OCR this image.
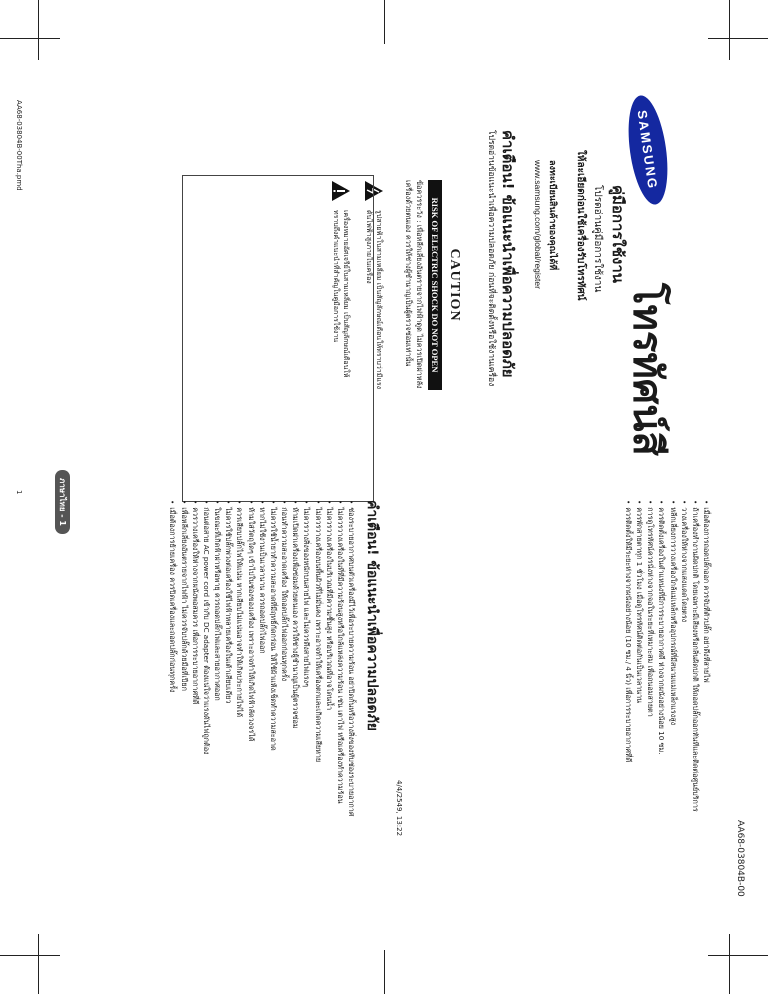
AA68-03804B-00Tha.pmd
1
4/4/2549, 13:22
AA68-03804B-00
SAMSUNG
โทรทัศน์สี
คู่มือการใช้งาน
โปรดอ่านคู่มือการใช้งาน
ให้ละเอียดก่อนใช้เครื่องรับโทรทัศน์
ลงทะเบียนสินค้าของคุณได้ที่
www.samsung.com/global/register
คำเตือน! ข้อแนะนำเพื่อความปลอดภัย
โปรดอ่านข้อแนะนำเพื่อความปลอดภัย ก่อนที่จะติดตั้งหรือใช้งานเครื่อง
CAUTION
RISK OF ELECTRIC SHOCK DO NOT OPEN
ข้อควรระวัง : เพื่อหลีกเลี่ยงอันตรายจากไฟฟ้าดูด ไม่ควรเปิดฝาหลังเครื่องด้วยตนเอง ควรให้ช่างผู้ชำนาญเป็นผู้ตรวจซ่อมเท่านั้น
รูปสายฟ้าในสามเหลี่ยม เป็นสัญลักษณ์เตือนให้ทราบว่ามีแรงดันไฟฟ้าสูงภายในเครื่อง
เครื่องหมายอัศเจรีย์ในสามเหลี่ยม เป็นสัญลักษณ์เตือนให้ทราบถึงคำแนะนำที่สำคัญในคู่มือการใช้งาน
คำเตือน! ข้อแนะนำเพื่อความปลอดภัย
• ช่องระบายอากาศบนตัวเครื่องมีไว้เพื่อระบายความร้อน อย่าปิดกั้นหรือวางสิ่งของทับช่องระบายอากาศ
• ไม่ควรวางเครื่องในที่ที่มีความร้อนสูงหรือใกล้แหล่งความร้อน เช่น เตาไฟ หรือเครื่องทำความร้อน
• ไม่ควรวางเครื่องในบริเวณที่มีความชื้นสูง หรือบริเวณที่อาจโดนน้ำ
• ไม่ควรวางเครื่องบนพื้นผิวที่ไม่มั่นคง เพราะอาจทำให้เครื่องตกและเกิดความเสียหาย
• ไม่ควรวางสิ่งของหนักบนสายไฟ และไม่ควรดึงสายไฟแรงๆ
• ห้ามเปิดฝาเครื่องเพื่อซ่อมด้วยตนเอง ควรให้ช่างผู้ชำนาญเป็นผู้ตรวจซ่อม
• ก่อนทำความสะอาดเครื่อง ให้ถอดปลั๊กไฟออกก่อนทุกครั้ง
• ไม่ควรใช้น้ำยาทำความสะอาดที่มีฤทธิ์กัดกร่อน ให้ใช้ผ้าแห้งเช็ดทำความสะอาด
• หากไม่ใช้งานเป็นเวลานาน ควรถอดปลั๊กไฟออก
• ห้ามใส่วัตถุใดๆ เข้าไปในช่องของเครื่อง เพราะอาจทำให้เกิดไฟฟ้าลัดวงจรได้
• ควรเสียบปลั๊กไฟให้แน่น หากเสียบไม่แน่นอาจทำให้เกิดประกายไฟได้
• ไม่ควรใช้ปลั๊กพ่วงต่อเครื่องใช้ไฟฟ้าหลายเครื่องในเต้าเสียบเดียว
• ในขณะที่เกิดฟ้าผ่าหรือพายุ ควรถอดปลั๊กไฟและสายอากาศออก
• ก่อนต่อสาย AC power cord เข้ากับ DC adapter ต้องแน่ใจว่าแรงดันไฟถูกต้อง
• ควรวางเครื่องให้ห่างจากผนังพอสมควร เพื่อการระบายอากาศที่ดี
• เพื่อหลีกเลี่ยงอันตรายจากไฟฟ้า ไม่ควรจับปลั๊กด้วยมือที่เปียก
• เมื่อต้องการย้ายเครื่อง ควรปิดเครื่องและถอดปลั๊กก่อนทุกครั้ง
ภาษาไทย - 1
• เมื่อต้องการถอดปลั๊กออก ควรจับที่ตัวปลั๊ก อย่าดึงที่สายไฟ
• ถ้าเครื่องทำงานผิดปกติ โดยเฉพาะมีเสียงหรือกลิ่นผิดปกติ ให้ถอดปลั๊กออกทันทีและติดต่อศูนย์บริการ
• วางเครื่องให้ห่างจากแสงแดดโดยตรง
• หลีกเลี่ยงการวางเครื่องใกล้แม่เหล็กหรืออุปกรณ์ที่มีสนามแม่เหล็กแรงสูง
• ควรติดตั้งเครื่องในตำแหน่งที่มีการระบายอากาศดี ห่างจากผนังอย่างน้อย 10 ซม.
• การดูโทรทัศน์ควรนั่งห่างจากจอในระยะที่เหมาะสม เพื่อถนอมสายตา
• ควรพักสายตาทุก 1 ชั่วโมง เมื่อดูโทรทัศน์ติดต่อกันเป็นเวลานาน
• ควรติดตั้งให้มีระยะห่างจากผนังอย่างน้อย (10 ซม./ 4 นิ้ว) เพื่อการระบายอากาศที่ดี
